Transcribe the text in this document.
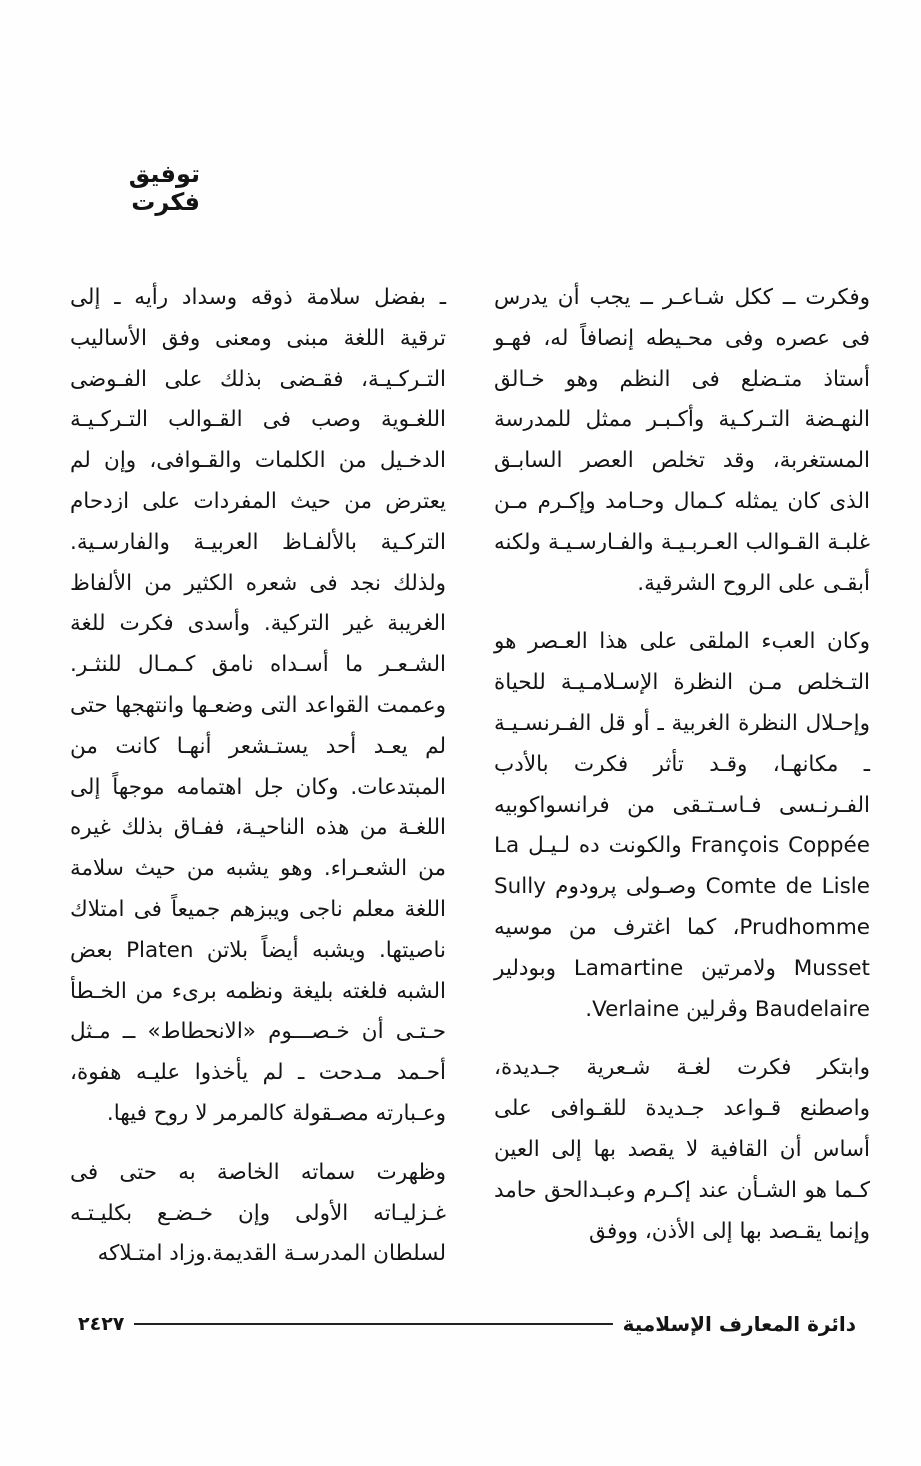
توفيق فكرت

وفكرت ــ ككل شـاعـر ــ يجب أن يدرس فى عصره وفى محـيطه إنصافاً له، فهـو أستاذ متـضلع فى النظم وهو خـالق النهـضة التـركـية وأكـبـر ممثل للمدرسة المستغربة، وقد تخلص العصر السابـق الذى كان يمثله كـمال وحـامد وإكـرم مـن غلبـة القـوالب العـربـيـة والفـارسـيـة ولكنه أبقـى على الروح الشرقية.

وكان العبء الملقى على هذا العـصر هو التـخلص مـن النظرة الإسـلامـيـة للحياة وإحـلال النظرة الغربية ـ أو قل الفـرنسـيـة ـ مكانهـا، وقـد تأثر فكرت بالأدب الفـرنـسى فـاسـتـقى من فرانسواكوبيه François Coppée والكونت ده لـيـل La Comte de Lisle وصـولى پرودوم Sully Prudhomme، كما اغترف من موسيه Musset ولامرتين Lamartine وبودلير Baudelaire وڤرلين Verlaine.

وابتكر فكرت لغـة شـعرية جـديدة، واصطنع قـواعد جـديدة للقـوافى على أساس أن القافية لا يقصد بها إلى العين كـما هو الشـأن عند إكـرم وعبـدالحق حامد وإنما يقـصد بها إلى الأذن، ووفق

ـ بفضل سلامة ذوقه وسداد رأيه ـ إلى ترقية اللغة مبنى ومعنى وفق الأساليب التـركـيـة، فقـضى بذلك على الفـوضى اللغـوية وصب فى القـوالب التـركـيـة الدخـيل من الكلمات والقـوافى، وإن لم يعترض من حيث المفردات على ازدحام التركـية بالألفـاظ العربيـة والفارسـية. ولذلك نجد فى شعره الكثير من الألفاظ الغريبة غير التركية. وأسدى فكرت للغة الشـعـر ما أسـداه نامق كـمـال للنثـر. وعممت القواعد التى وضعـها وانتهجها حتى لم يعـد أحد يستـشعر أنهـا كانت من المبتدعات. وكان جل اهتمامه موجهاً إلى اللغـة من هذه الناحيـة، ففـاق بذلك غيره من الشعـراء. وهو يشبه من حيث سلامة اللغة معلم ناجى ويبزهم جميعاً فى امتلاك ناصيتها. ويشبه أيضاً بلاتن Platen بعض الشبه فلغته بليغة ونظمه برىء من الخـطأ حـتـى أن خـصـــوم «الانحطاط» ــ مـثل أحـمد مـدحت ـ لم يأخذوا عليـه هفوة، وعـبارته مصـقولة كالمرمر لا روح فيها.

وظهرت سماته الخاصة به حتى فى غـزليـاته الأولى وإن خـضـع بكليـتـه لسلطان المدرسـة القديمة.وزاد امتـلاكه

٢٤٢٧	دائرة المعارف الإسلامية
